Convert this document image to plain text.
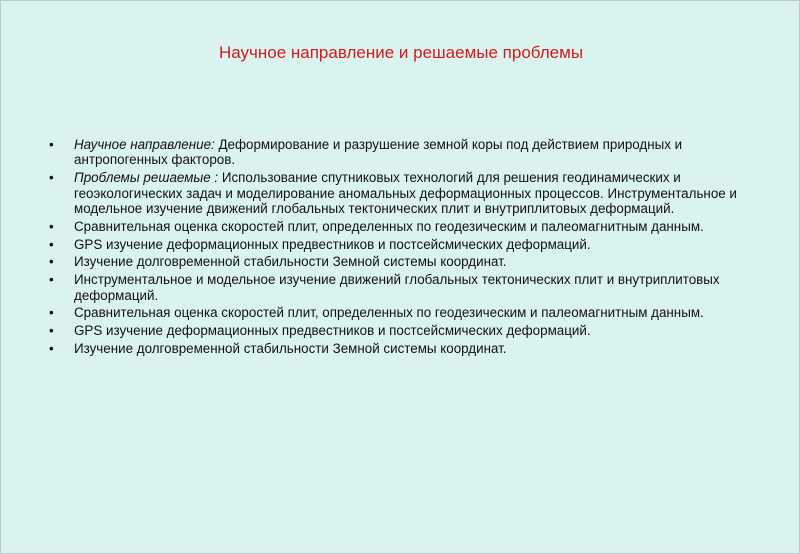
Научное направление и решаемые проблемы
• Научное направление: Деформирование и разрушение земной коры под действием природных и антропогенных факторов.
• Проблемы решаемые : Использование спутниковых технологий для решения геодинамических и геоэкологических задач и моделирование аномальных деформационных процессов. Инструментальное и модельное изучение движений глобальных тектонических плит и внутриплитовых деформаций.
• Сравнительная оценка скоростей плит, определенных по геодезическим и палеомагнитным данным.
• GPS изучение деформационных предвестников и постсейсмических деформаций.
• Изучение долговременной стабильности Земной системы координат.
• Инструментальное и модельное изучение движений глобальных тектонических плит и внутриплитовых деформаций.
• Сравнительная оценка скоростей плит, определенных по геодезическим и палеомагнитным данным.
• GPS изучение деформационных предвестников и постсейсмических деформаций.
• Изучение долговременной стабильности Земной системы координат.
